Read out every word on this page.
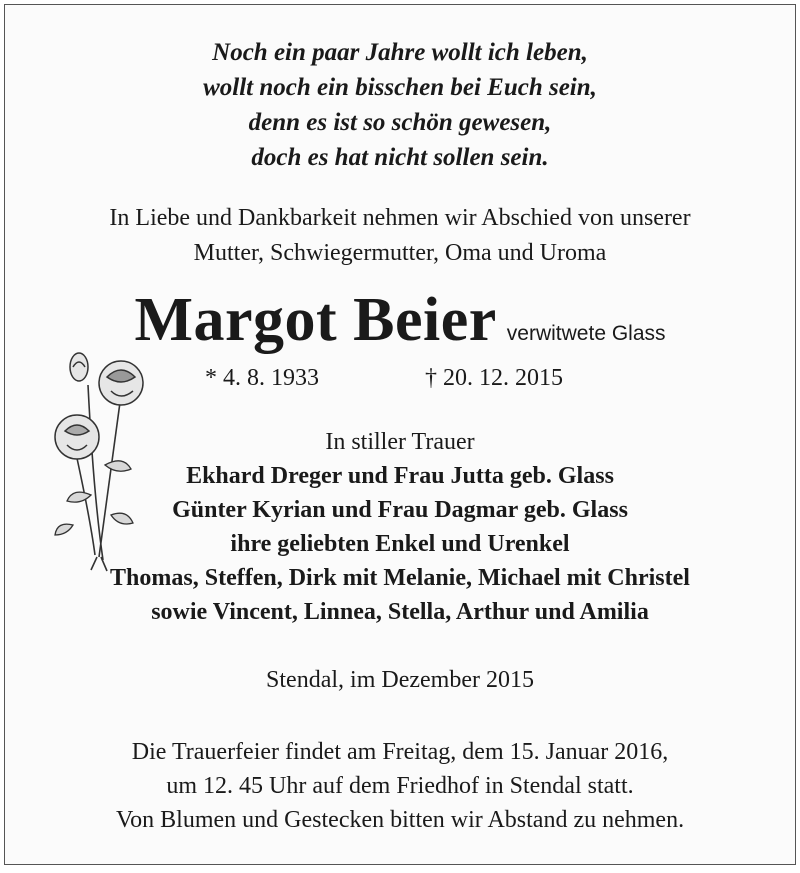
Noch ein paar Jahre wollt ich leben,
wollt noch ein bisschen bei Euch sein,
denn es ist so schön gewesen,
doch es hat nicht sollen sein.
In Liebe und Dankbarkeit nehmen wir Abschied von unserer
Mutter, Schwiegermutter, Oma und Uroma
Margot Beier verwitwete Glass
* 4. 8. 1933	† 20. 12. 2015
In stiller Trauer
Ekhard Dreger und Frau Jutta geb. Glass
Günter Kyrian und Frau Dagmar geb. Glass
ihre geliebten Enkel und Urenkel
Thomas, Steffen, Dirk mit Melanie, Michael mit Christel
sowie Vincent, Linnea, Stella, Arthur und Amilia
Stendal, im Dezember 2015
Die Trauerfeier findet am Freitag, dem 15. Januar 2016,
um 12. 45 Uhr auf dem Friedhof in Stendal statt.
Von Blumen und Gestecken bitten wir Abstand zu nehmen.
